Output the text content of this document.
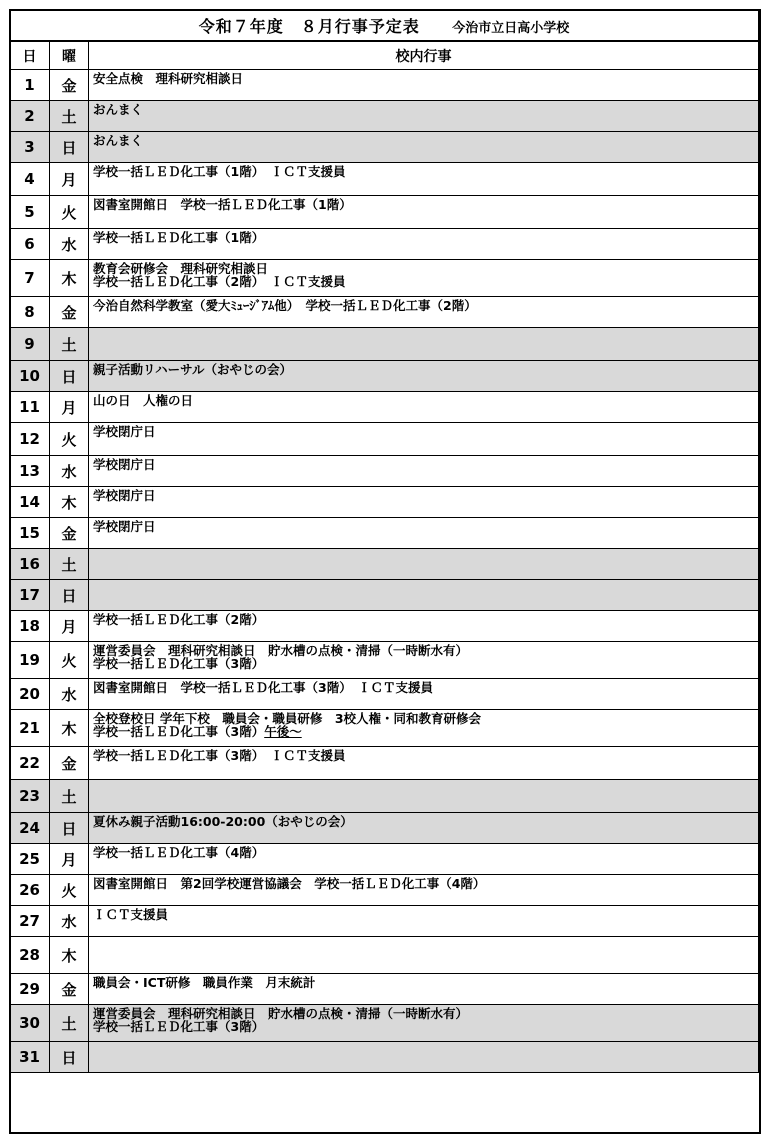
令和７年度　８月行事予定表 今治市立日高小学校		
日	曜	校内行事
1	金	安全点検　理科研究相談日
2	土	おんまく
3	日	おんまく
4	月	学校一括ＬＥＤ化工事（1階）　ＩＣＴ支援員
5	火	図書室開館日　学校一括ＬＥＤ化工事（1階）
6	水	学校一括ＬＥＤ化工事（1階）
7	木	教育会研修会　理科研究相談日
学校一括ＬＥＤ化工事（2階）　ＩＣＴ支援員
8	金	今治自然科学教室（愛大ﾐｭｰｼﾞｱﾑ他）　学校一括ＬＥＤ化工事（2階）
9	土	
10	日	親子活動リハーサル（おやじの会）
11	月	山の日　人権の日
12	火	学校閉庁日
13	水	学校閉庁日
14	木	学校閉庁日
15	金	学校閉庁日
16	土	
17	日	
18	月	学校一括ＬＥＤ化工事（2階）
19	火	運営委員会　理科研究相談日　貯水槽の点検・清掃（一時断水有）
学校一括ＬＥＤ化工事（3階）
20	水	図書室開館日　学校一括ＬＥＤ化工事（3階）　ＩＣＴ支援員
21	木	全校登校日 学年下校　職員会・職員研修　3校人権・同和教育研修会
学校一括ＬＥＤ化工事（3階）午後～
22	金	学校一括ＬＥＤ化工事（3階）　ＩＣＴ支援員
23	土	
24	日	夏休み親子活動16:00-20:00（おやじの会）
25	月	学校一括ＬＥＤ化工事（4階）
26	火	図書室開館日　第2回学校運営協議会　学校一括ＬＥＤ化工事（4階）
27	水	ＩＣＴ支援員
28	木	
29	金	職員会・ICT研修　職員作業　月末統計
30	土	運営委員会　理科研究相談日　貯水槽の点検・清掃（一時断水有）
学校一括ＬＥＤ化工事（3階）
31	日	
